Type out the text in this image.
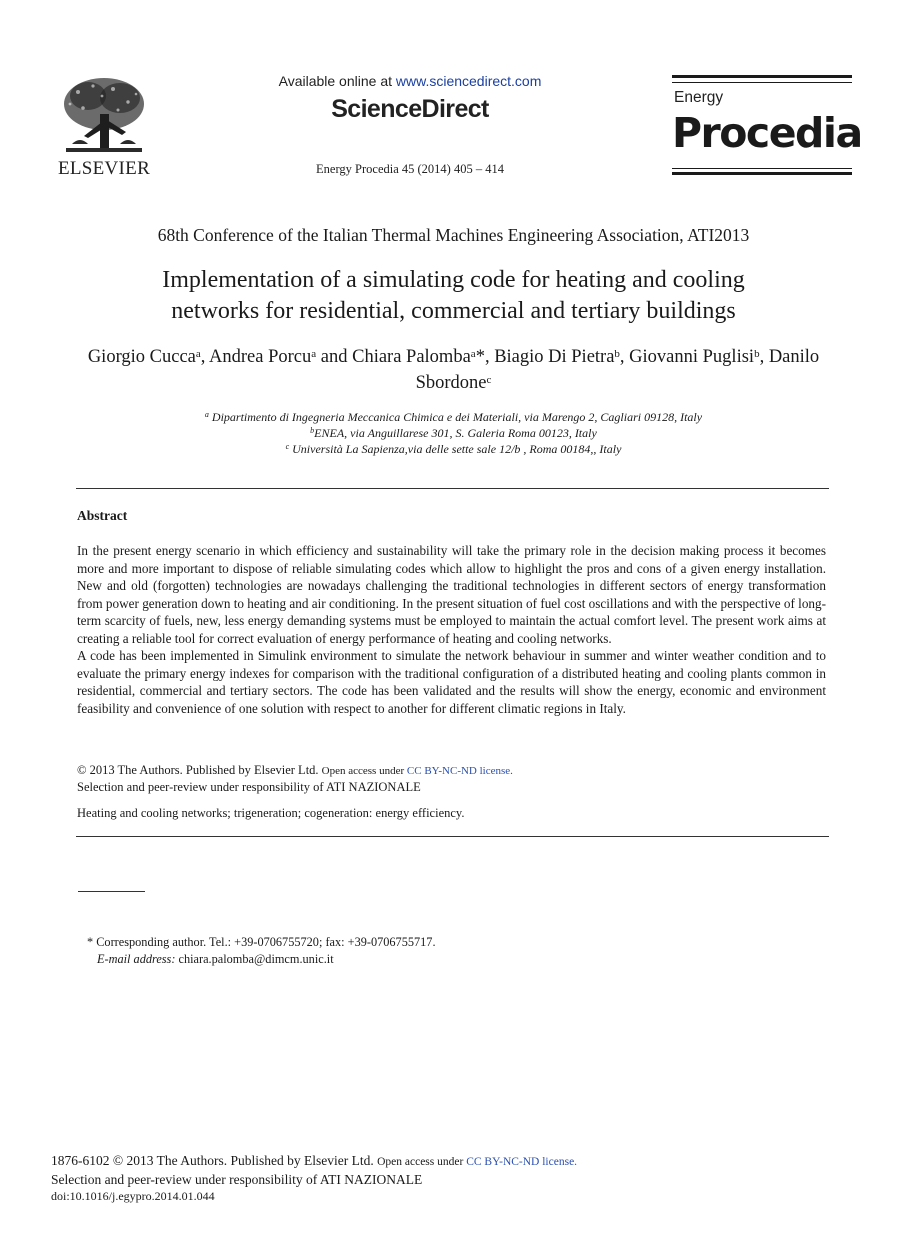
ELSEVIER
Available online at www.sciencedirect.com
ScienceDirect
Energy Procedia 45 (2014) 405 – 414
Energy
Procedia
68th Conference of the Italian Thermal Machines Engineering Association, ATI2013
Implementation of a simulating code for heating and cooling
networks for residential, commercial and tertiary buildings
Giorgio Cucca$^a$, Andrea Porcu$^a$ and Chiara Palomba$^a$*, Biagio Di Pietra$^b$, Giovanni Puglisi$^b$, Danilo Sbordone$^c$
$^a$ Dipartimento di Ingegneria Meccanica Chimica e dei Materiali, via Marengo 2, Cagliari 09128, Italy
$^b$ENEA, via Anguillarese 301, S. Galeria Roma 00123, Italy
$^c$ Università La Sapienza,via delle sette sale 12/b , Roma 00184,, Italy
Abstract

In the present energy scenario in which efficiency and sustainability will take the primary role in the decision making process it becomes more and more important to dispose of reliable simulating codes which allow to highlight the pros and cons of a given energy installation. New and old (forgotten) technologies are nowadays challenging the traditional technologies in different sectors of energy transformation from power generation down to heating and air conditioning. In the present situation of fuel cost oscillations and with the perspective of long-term scarcity of fuels, new, less energy demanding systems must be employed to maintain the actual comfort level. The present work aims at creating a reliable tool for correct evaluation of energy performance of heating and cooling networks.

A code has been implemented in Simulink environment to simulate the network behaviour in summer and winter weather condition and to evaluate the primary energy indexes for comparison with the traditional configuration of a distributed heating and cooling plants common in residential, commercial and tertiary sectors. The code has been validated and the results will show the energy, economic and environment feasibility and convenience of one solution with respect to another for different climatic regions in Italy.

© 2013 The Authors. Published by Elsevier Ltd. Open access under CC BY-NC-ND license.
Selection and peer-review under responsibility of ATI NAZIONALE
Heating and cooling networks; trigeneration; cogeneration: energy efficiency.
* Corresponding author. Tel.: +39-0706755720; fax: +39-0706755717.
E-mail address: chiara.palomba@dimcm.unic.it
1876-6102 © 2013 The Authors. Published by Elsevier Ltd. Open access under CC BY-NC-ND license.
Selection and peer-review under responsibility of ATI NAZIONALE
doi:10.1016/j.egypro.2014.01.044
